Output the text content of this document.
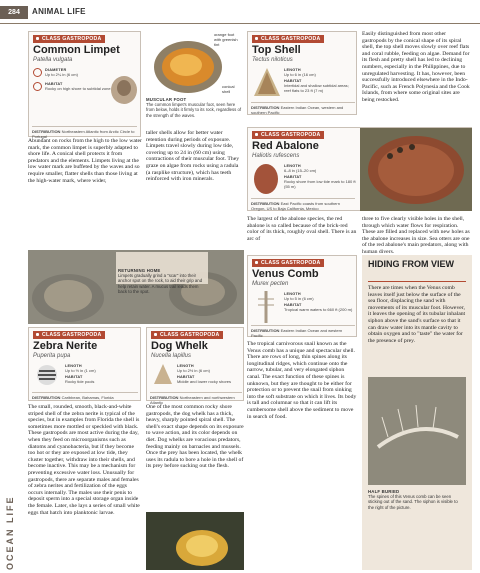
284	ANIMAL LIFE
OCEAN LIFE
CLASS GASTROPODA
Common Limpet
Patella vulgata
DIAMETER
Up to 2¼ in (6 cm)
HABITAT
Rocky on high shore to subtidal zone
DISTRIBUTION Northeastern Atlantic from Arctic Circle to Portugal
orange foot with greenish tint
conical shell
MUSCULAR FOOT
The common limpet's muscular foot, seen here from below, holds it firmly to its rock, regardless of the strength of the waves.
Abundant on rocks from the high to the low water mark, the common limpet is superbly adapted to shore life. A conical shell protects it from predators and the elements. Limpets living at the low water mark are buffeted by the waves and so require smaller, flatter shells than those living at the high-water mark, where wider,
taller shells allow for better water retention during periods of exposure. Limpets travel slowly during low tide, covering up to 24 in (60 cm) using contractions of their muscular foot. They graze on algae from rocks using a radula (a rasplike structure), which has teeth reinforced with iron minerals.
CLASS GASTROPODA
Top Shell
Tectus niloticus
LENGTH
Up to 6 in (16 cm)
HABITAT
Intertidal and shallow subtidal areas; reef flats to 23 ft (7 m)
DISTRIBUTION Eastern Indian Ocean, western and southern Pacific
Easily distinguished from most other gastropods by the conical shape of its spiral shell, the top shell moves slowly over reef flats and coral rubble, feeding on algae. Demand for its flesh and pretty shell has led to declining numbers, especially in the Philippines, due to unregulated harvesting. It has, however, been successfully introduced elsewhere in the Indo-Pacific, such as French Polynesia and the Cook Islands, from where some original sites are being restocked.
CLASS GASTROPODA
Red Abalone
Haliotis rufescens
LENGTH
6–8 in (15–20 cm)
HABITAT
Rocky shore from low tide mark to 180 ft (55 m)
DISTRIBUTION East Pacific coasts from southern Oregon, US to Baja California, Mexico
The largest of the abalone species, the red abalone is so called because of the brick-red color of its thick, roughly oval shell. There is an arc of
three to five clearly visible holes in the shell, through which water flows for respiration. These are filled and replaced with new holes as the abalone increases in size. Sea otters are one of the red abalone's main predators, along with human divers.
RETURNING HOME
Limpets gradually grind a "scar" into their anchor spot on the rock, to aid their grip and help retain water. A mucus trail leads them back to the spot.
CLASS GASTROPODA
Venus Comb
Murex pecten
LENGTH
Up to 5 in (6 cm)
HABITAT
Tropical warm waters to 660 ft (200 m)
DISTRIBUTION Eastern Indian Ocean and western Pacific
The tropical carnivorous snail known as the Venus comb has a unique and spectacular shell. There are rows of long, thin spines along its longitudinal ridges, which continue onto the narrow, tubular, and very elongated siphon canal. The exact function of these spines is unknown, but they are thought to be either for protection or to prevent the snail from sinking into the soft substrate on which it lives. Its body is tall and columnar so that it can lift its cumbersome shell above the sediment to move in search of food.
HIDING FROM VIEW
There are times when the Venus comb leaves itself just below the surface of the sea floor, displacing the sand with movements of its muscular foot. However, it leaves the opening of its tubular inhalant siphon above the sand's surface so that it can draw water into its mantle cavity to obtain oxygen and to "taste" the water for the presence of prey.
HALF BURIED
The spines of this Venus comb can be seen sticking out of the sand. The siphon is visible to the right of the picture.
CLASS GASTROPODA
Zebra Nerite
Puperita pupa
LENGTH
Up to ½ in (1 cm)
HABITAT
Rocky tide pools
DISTRIBUTION Caribbean, Bahamas, Florida
The small, rounded, smooth, black-and-white striped shell of the zebra nerite is typical of the species, but in examples from Florida the shell is sometimes more mottled or speckled with black. These gastropods are most active during the day, when they feed on microorganisms such as diatoms and cyanobacteria, but if they become too hot or they are exposed at low tide, they cluster together, withdraw into their shells, and become inactive. This may be a mechanism for preventing excessive water loss. Unusually for gastropods, there are separate males and females of zebra nerites and fertilization of the eggs occurs internally. The males use their penis to deposit sperm into a special storage organ inside the female. Later, she lays a series of small white eggs that hatch into planktonic larvae.
CLASS GASTROPODA
Dog Whelk
Nucella lapillus
LENGTH
Up to 2½ in (6 cm)
HABITAT
Middle and lower rocky shores
DISTRIBUTION Northeastern and northwestern Atlantic
One of the most common rocky shore gastropods, the dog whelk has a thick, heavy, sharply pointed spiral shell. The shell's exact shape depends on its exposure to wave action, and its color depends on diet. Dog whelks are voracious predators, feeding mainly on barnacles and mussels. Once the prey has been located, the whelk uses its radula to bore a hole in the shell of its prey before sucking out the flesh.
